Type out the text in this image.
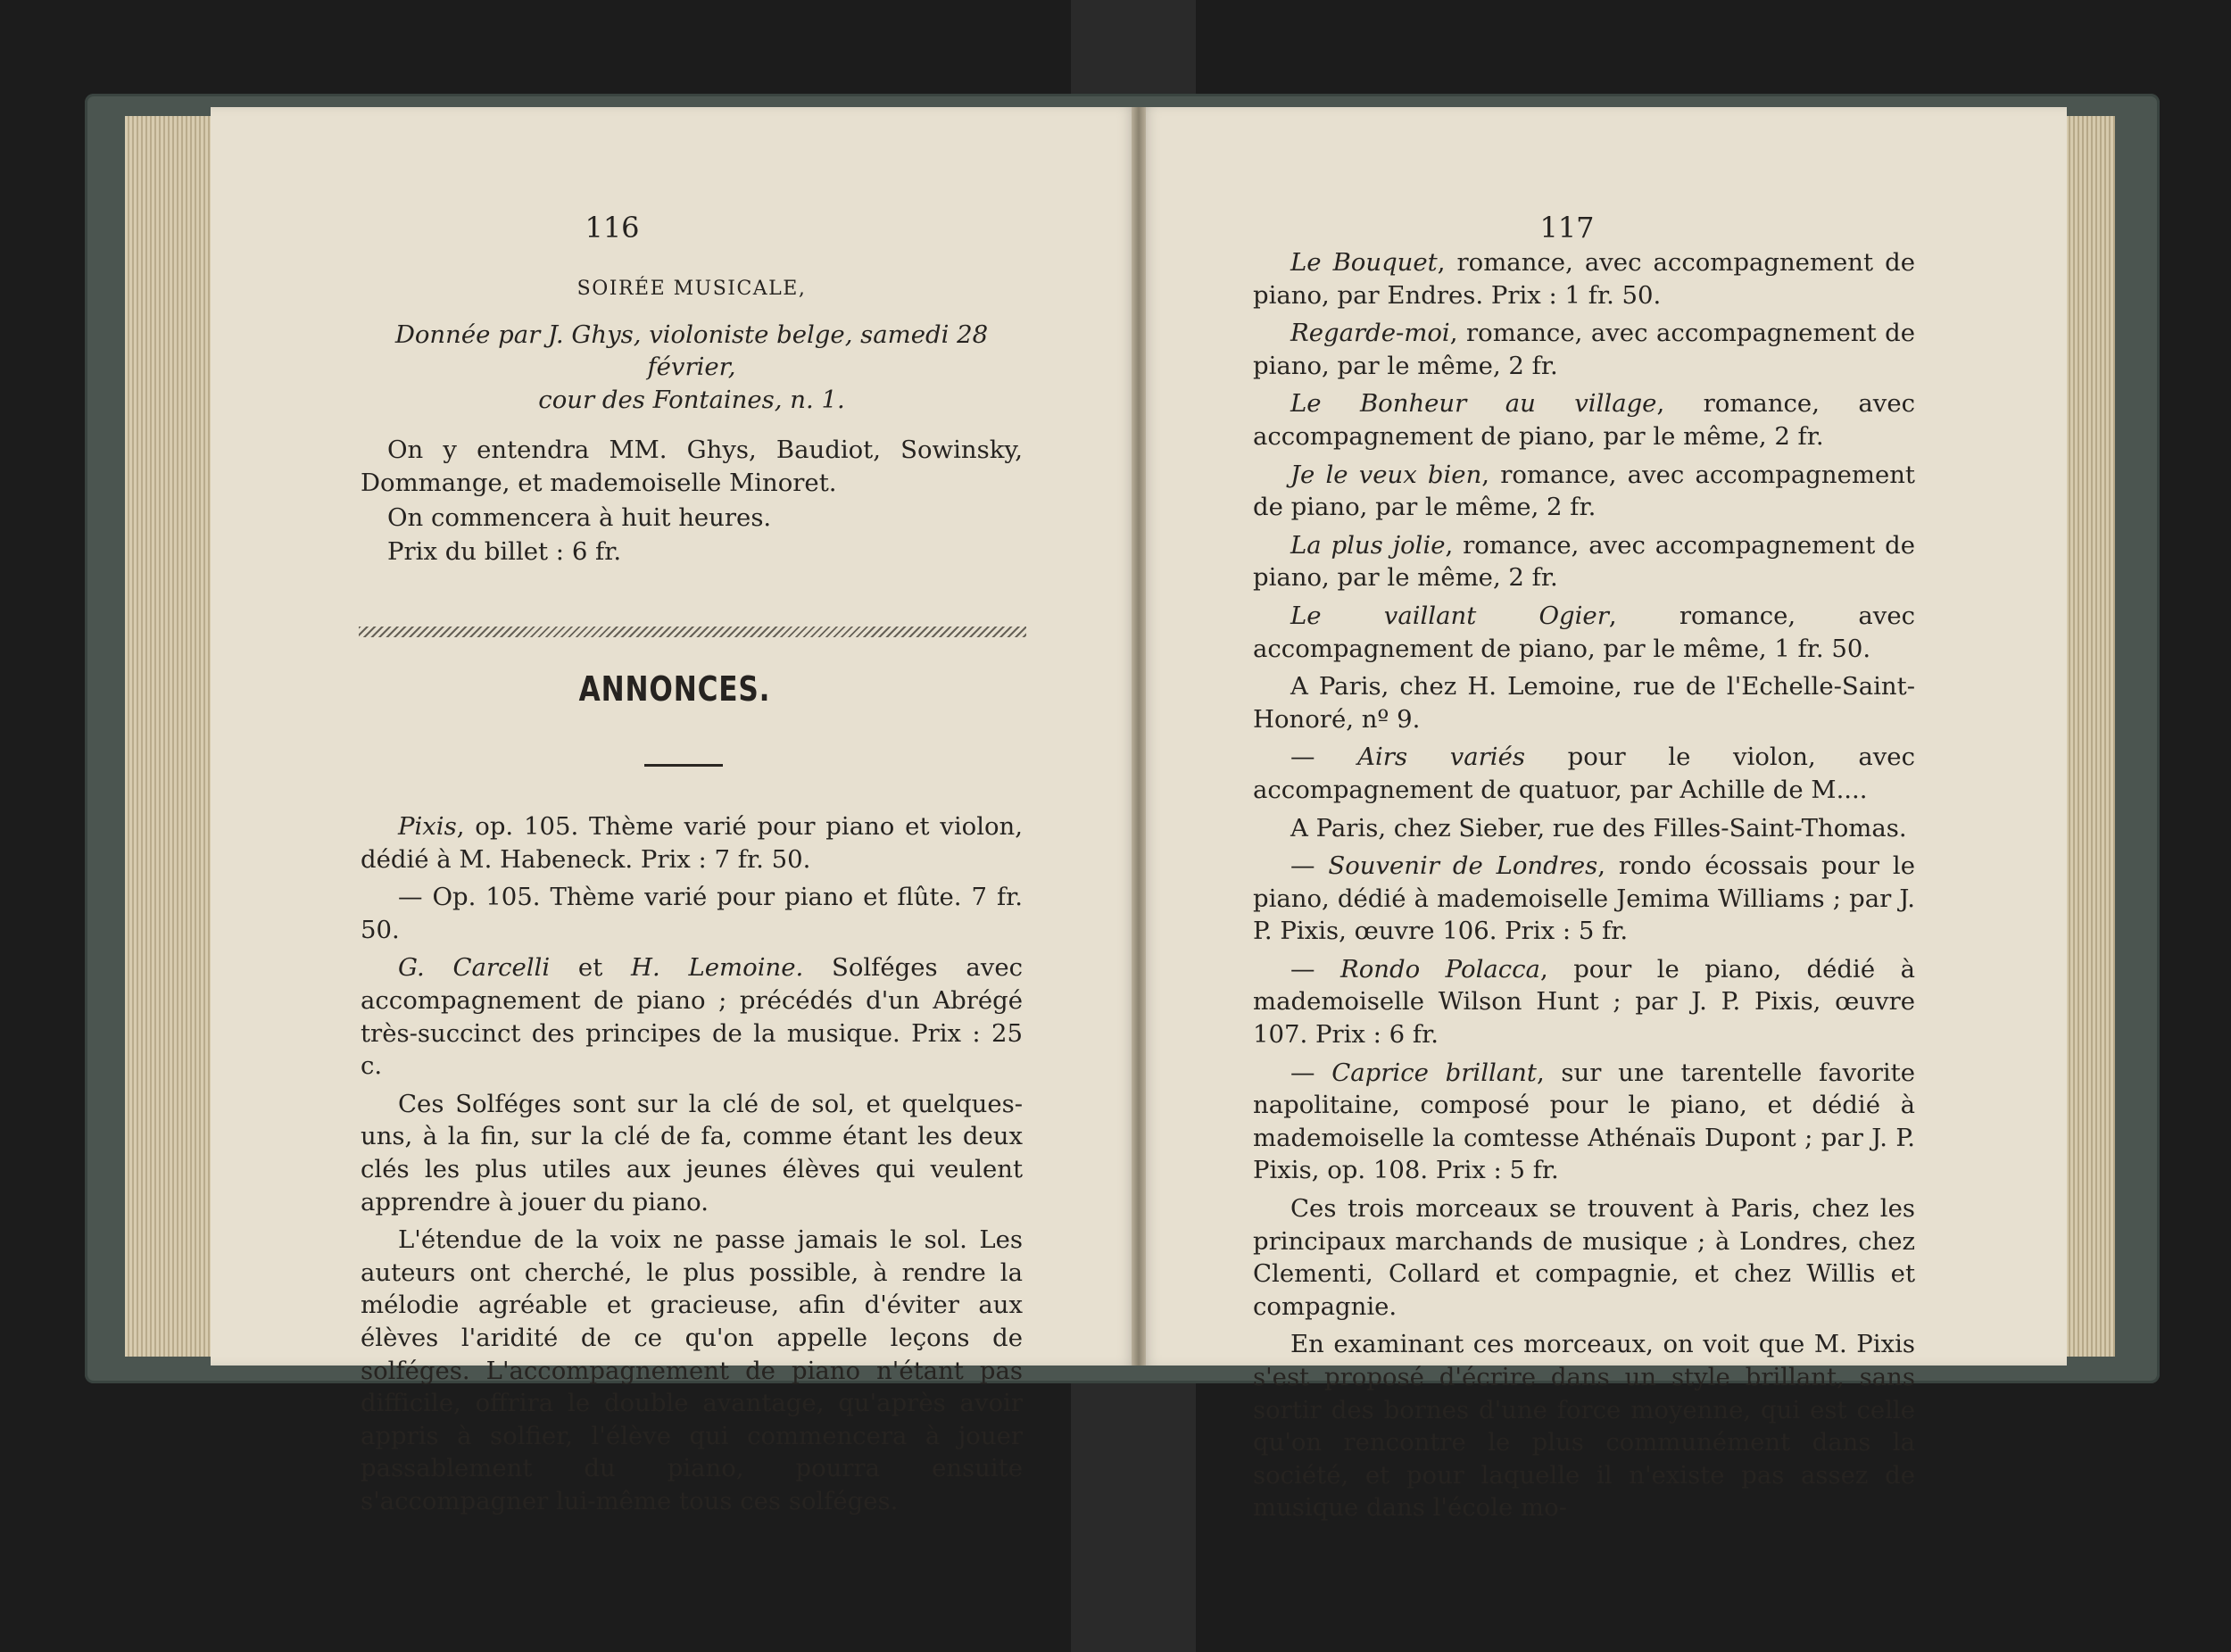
116

SOIRÉE MUSICALE,

Donnée par J. Ghys, violoniste belge, samedi 28 février,

cour des Fontaines, n. 1.

On y entendra MM. Ghys, Baudiot, Sowinsky, Dommange, et mademoiselle Minoret.

On commencera à huit heures.

Prix du billet : 6 fr.

ANNONCES.

Pixis, op. 105. Thème varié pour piano et violon, dédié à M. Habeneck. Prix : 7 fr. 50.

— Op. 105. Thème varié pour piano et flûte. 7 fr. 50.

G. Carcelli et H. Lemoine. Solféges avec accompagnement de piano ; précédés d'un Abrégé très-succinct des principes de la musique. Prix : 25 c.

Ces Solféges sont sur la clé de sol, et quelques-uns, à la fin, sur la clé de fa, comme étant les deux clés les plus utiles aux jeunes élèves qui veulent apprendre à jouer du piano.

L'étendue de la voix ne passe jamais le sol. Les auteurs ont cherché, le plus possible, à rendre la mélodie agréable et gracieuse, afin d'éviter aux élèves l'aridité de ce qu'on appelle leçons de solféges. L'accompagnement de piano n'étant pas difficile, offrira le double avantage, qu'après avoir appris à solfier, l'élève qui commencera à jouer passablement du piano, pourra ensuite s'accompagner lui-même tous ces solféges.

117

Le Bouquet, romance, avec accompagnement de piano, par Endres. Prix : 1 fr. 50.

Regarde-moi, romance, avec accompagnement de piano, par le même, 2 fr.

Le Bonheur au village, romance, avec accompagnement de piano, par le même, 2 fr.

Je le veux bien, romance, avec accompagnement de piano, par le même, 2 fr.

La plus jolie, romance, avec accompagnement de piano, par le même, 2 fr.

Le vaillant Ogier, romance, avec accompagnement de piano, par le même, 1 fr. 50.

A Paris, chez H. Lemoine, rue de l'Echelle-Saint-Honoré, nº 9.

— Airs variés pour le violon, avec accompagnement de quatuor, par Achille de M....

A Paris, chez Sieber, rue des Filles-Saint-Thomas.

— Souvenir de Londres, rondo écossais pour le piano, dédié à mademoiselle Jemima Williams ; par J. P. Pixis, œuvre 106. Prix : 5 fr.

— Rondo Polacca, pour le piano, dédié à mademoiselle Wilson Hunt ; par J. P. Pixis, œuvre 107. Prix : 6 fr.

— Caprice brillant, sur une tarentelle favorite napolitaine, composé pour le piano, et dédié à mademoiselle la comtesse Athénaïs Dupont ; par J. P. Pixis, op. 108. Prix : 5 fr.

Ces trois morceaux se trouvent à Paris, chez les principaux marchands de musique ; à Londres, chez Clementi, Collard et compagnie, et chez Willis et compagnie.

En examinant ces morceaux, on voit que M. Pixis s'est proposé d'écrire dans un style brillant, sans sortir des bornes d'une force moyenne, qui est celle qu'on rencontre le plus communément dans la société, et pour laquelle il n'existe pas assez de musique dans l'école mo-
